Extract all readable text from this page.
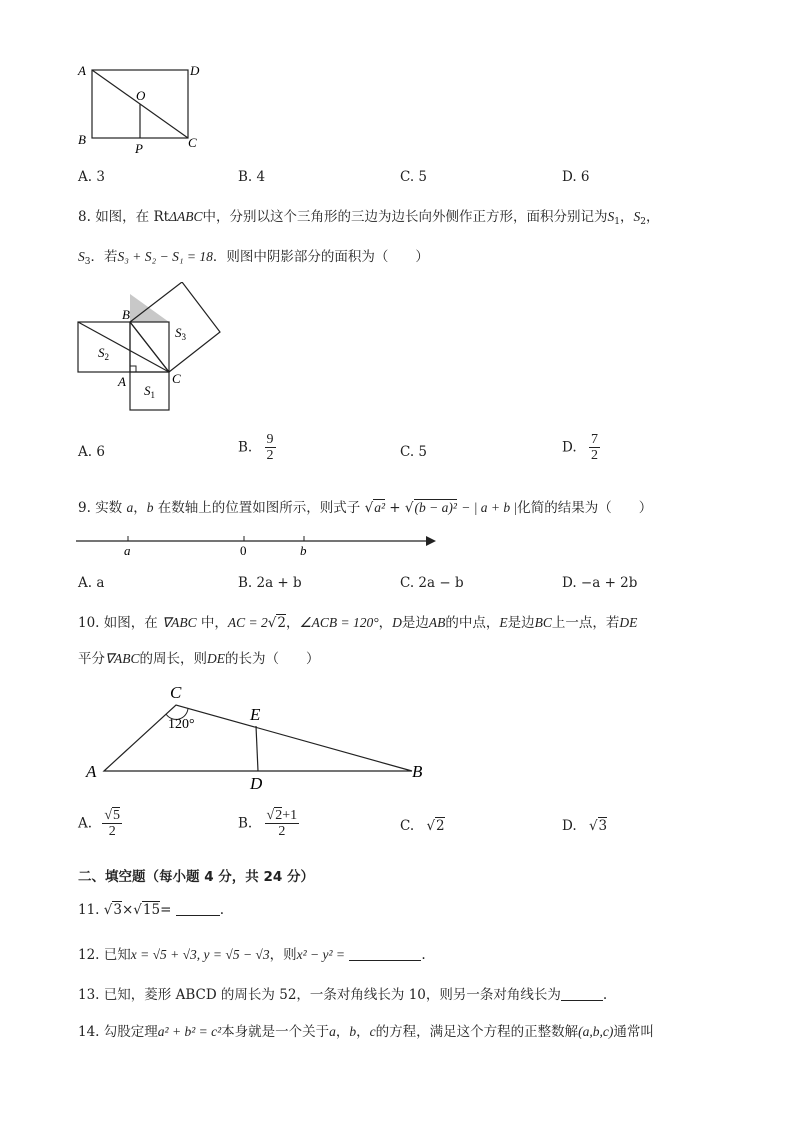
A	D
O
B
P	C
A. 3	B. 4	C. 5	D. 6
8. 如图，在 RtΔABC中，分别以这个三角形的三边为边长向外侧作正方形，面积分别记为$S_1$，$S_2$，
$S_3$．若S₃ + S₂ − S₁ = 18．则图中阴影部分的面积为（　　）
B
$S_3$
$S_2$
A	C
$S_1$
A. 6	B. $\frac{9}{2}$	C. 5	D. $\frac{7}{2}$
9. 实数 a，b 在数轴上的位置如图所示，则式子 √a² + √(b − a)² − | a + b |化简的结果为（　　）
a	0	b
A. a	B. 2a + b	C. 2a − b	D. −a + 2b
10. 如图，在 ∇ABC 中，AC = 2√2，∠ACB = 120°，D是边AB的中点，E是边BC上一点，若DE
平分∇ABC的周长，则DE的长为（　　）
C
120°
E
A
D
B
A. $\frac{√5}{2}$	B. $\frac{√2+1}{2}$	C. √2	D. √3
二、填空题（每小题 4 分，共 24 分）
11. √3×√15=	.
12. 已知x = √5 + √3, y = √5 − √3，则x² − y² =	.
13. 已知，菱形 ABCD 的周长为 52，一条对角线长为 10，则另一条对角线长为	.
14. 勾股定理a² + b² = c²本身就是一个关于a，b，c的方程，满足这个方程的正整数解(a,b,c)通常叫
